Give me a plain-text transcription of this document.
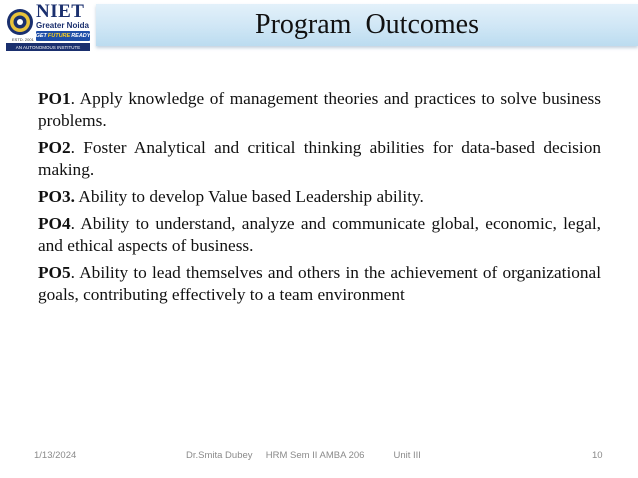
NIET
Greater Noida
GET FUTURE READY
ESTD. 2001
AN AUTONOMOUS INSTITUTE
Program  Outcomes

PO1. Apply knowledge of management theories and practices to solve business problems.

PO2. Foster Analytical and critical thinking abilities for data-based decision making.

PO3. Ability to develop Value based Leadership ability.

PO4. Ability to understand, analyze and communicate global, economic, legal, and ethical aspects of business.

PO5. Ability to lead themselves and others in the achievement of organizational goals, contributing effectively to a team environment

1/13/2024	Dr.Smita Dubey     HRM Sem II AMBA 206           Unit III	10
